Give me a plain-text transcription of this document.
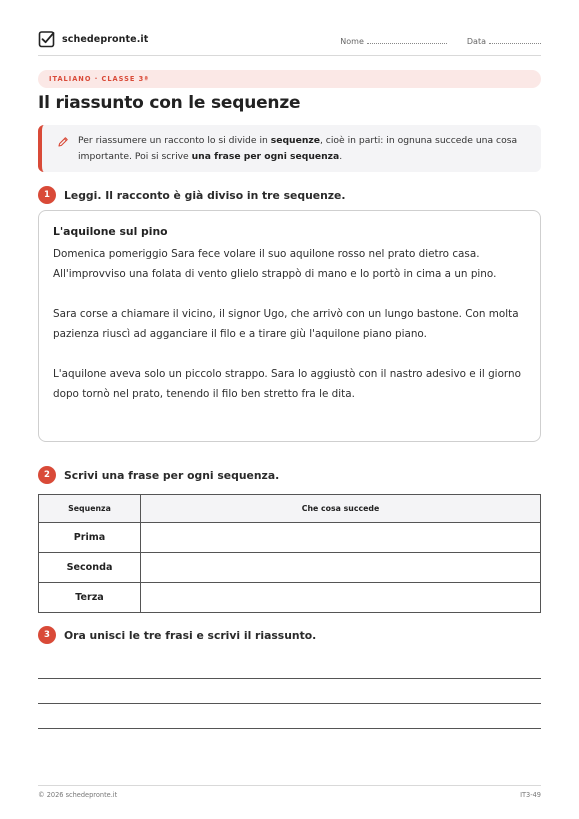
schedepronte.it	Nome	Data
ITALIANO · CLASSE 3ª
Il riassunto con le sequenze
Per riassumere un racconto lo si divide in sequenze, cioè in parti: in ognuna succede una cosa importante. Poi si scrive una frase per ogni sequenza.
1	Leggi. Il racconto è già diviso in tre sequenze.
L'aquilone sul pino

Domenica pomeriggio Sara fece volare il suo aquilone rosso nel prato dietro casa. All'improvviso una folata di vento glielo strappò di mano e lo portò in cima a un pino.

Sara corse a chiamare il vicino, il signor Ugo, che arrivò con un lungo bastone. Con molta pazienza riuscì ad agganciare il filo e a tirare giù l'aquilone piano piano.

L'aquilone aveva solo un piccolo strappo. Sara lo aggiustò con il nastro adesivo e il giorno dopo tornò nel prato, tenendo il filo ben stretto fra le dita.

2	Scrivi una frase per ogni sequenza.
Sequenza	Che cosa succede
Prima	
Seconda	
Terza	
3	Ora unisci le tre frasi e scrivi il riassunto.
© 2026 schedepronte.it	IT3-49
